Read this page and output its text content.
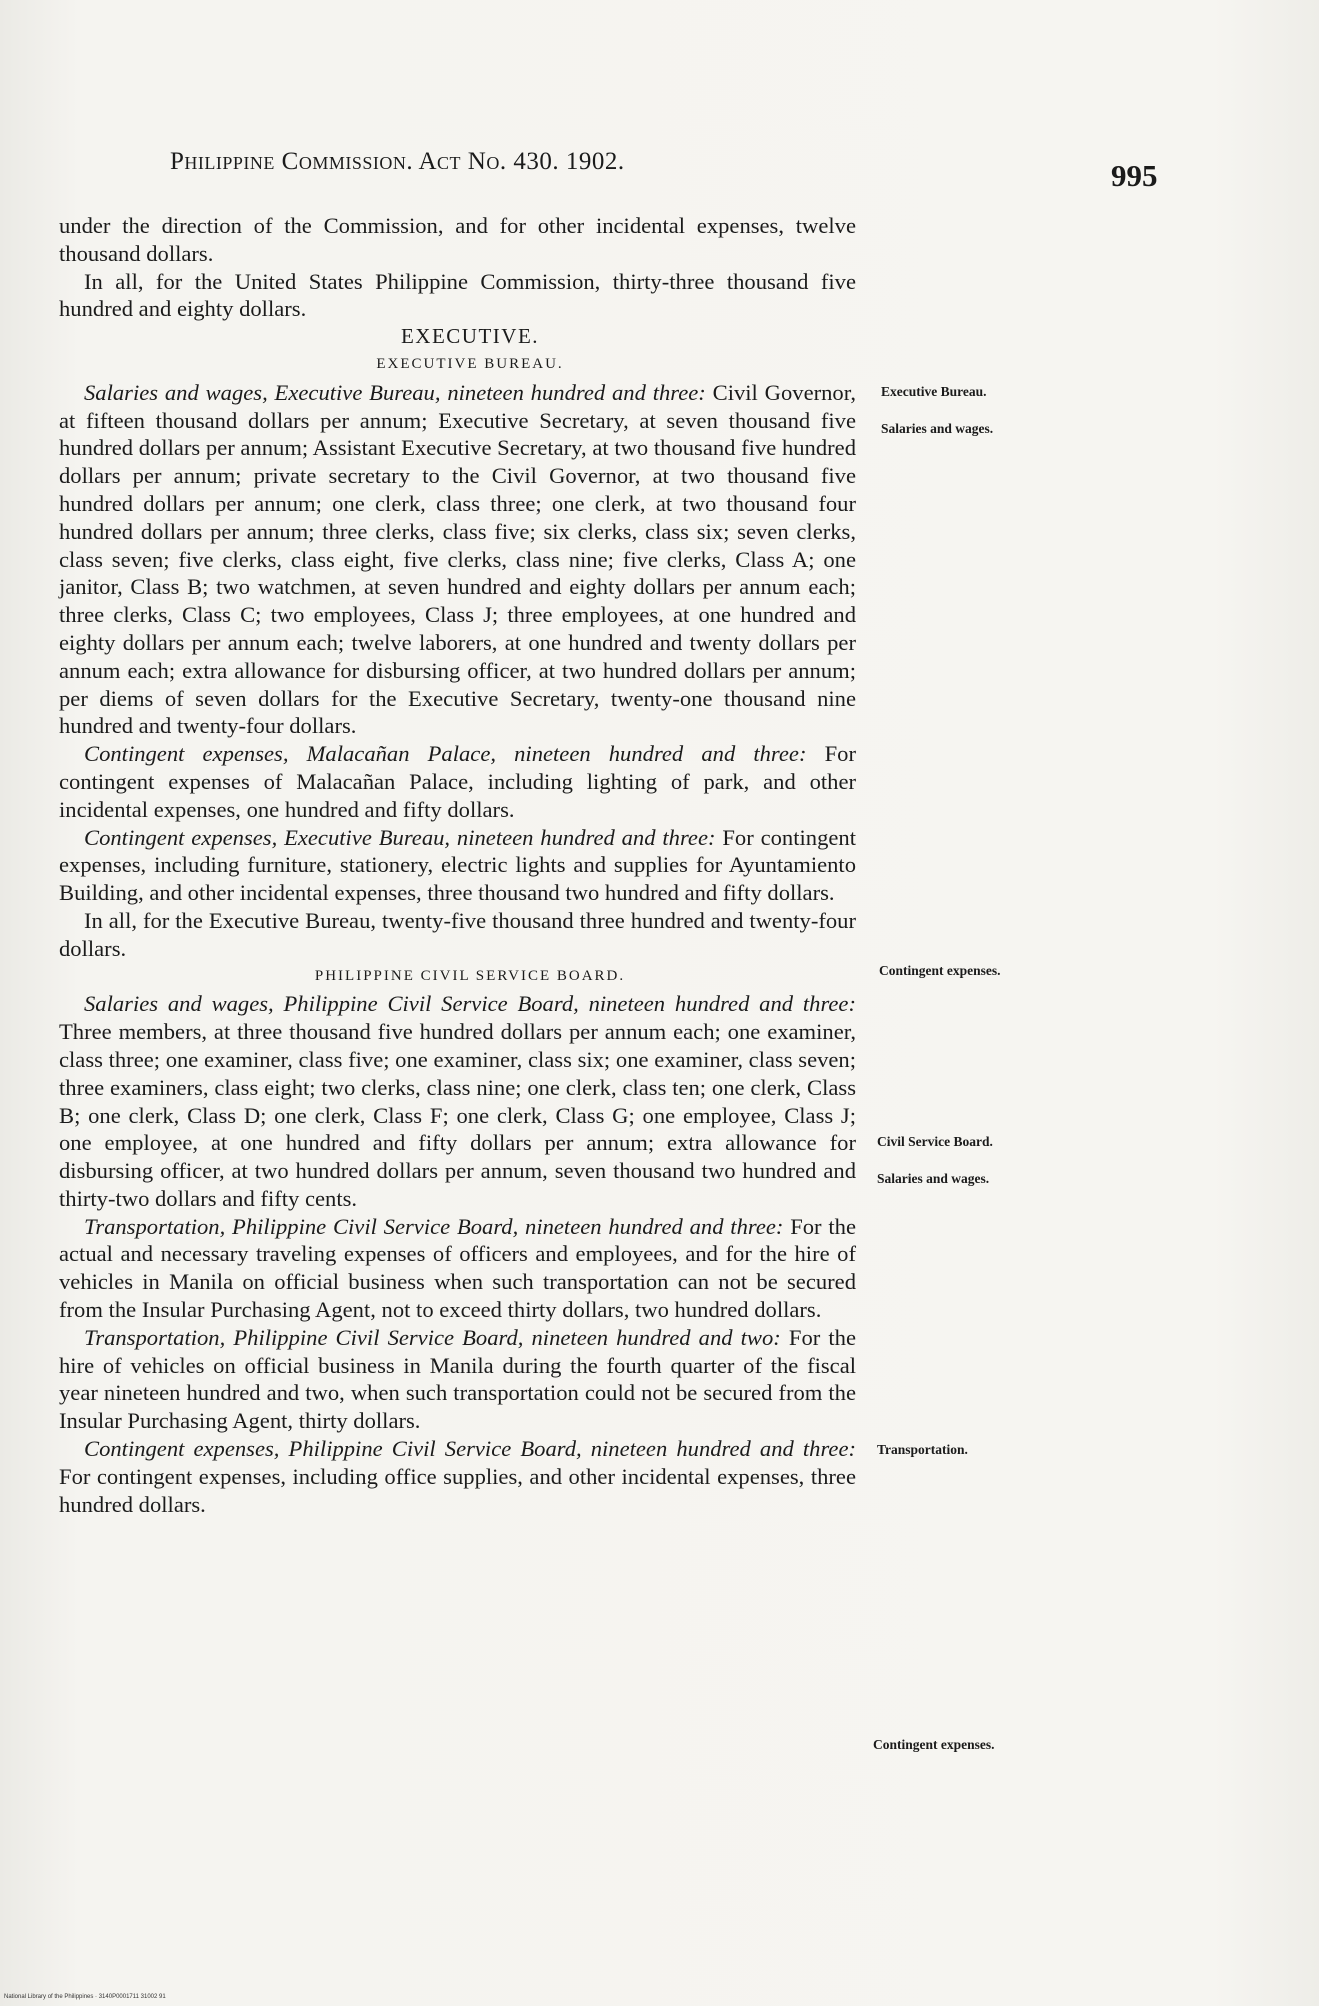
Philippine Commission. Act No. 430. 1902.	995

under the direction of the Commission, and for other incidental expenses, twelve thousand dollars.

In all, for the United States Philippine Commission, thirty-three thousand five hundred and eighty dollars.

EXECUTIVE.

EXECUTIVE BUREAU.

Salaries and wages, Executive Bureau, nineteen hundred and three: Civil Governor, at fifteen thousand dollars per annum; Executive Secretary, at seven thousand five hundred dollars per annum; Assistant Executive Secretary, at two thousand five hundred dollars per annum; private secretary to the Civil Governor, at two thousand five hundred dollars per annum; one clerk, class three; one clerk, at two thousand four hundred dollars per annum; three clerks, class five; six clerks, class six; seven clerks, class seven; five clerks, class eight, five clerks, class nine; five clerks, Class A; one janitor, Class B; two watchmen, at seven hundred and eighty dollars per annum each; three clerks, Class C; two employees, Class J; three employees, at one hundred and eighty dollars per annum each; twelve laborers, at one hundred and twenty dollars per annum each; extra allowance for disbursing officer, at two hundred dollars per annum; per diems of seven dollars for the Executive Secretary, twenty-one thousand nine hundred and twenty-four dollars.

Contingent expenses, Malacañan Palace, nineteen hundred and three: For contingent expenses of Malacañan Palace, including lighting of park, and other incidental expenses, one hundred and fifty dollars.

Contingent expenses, Executive Bureau, nineteen hundred and three: For contingent expenses, including furniture, stationery, electric lights and supplies for Ayuntamiento Building, and other incidental expenses, three thousand two hundred and fifty dollars.

In all, for the Executive Bureau, twenty-five thousand three hundred and twenty-four dollars.

PHILIPPINE CIVIL SERVICE BOARD.

Salaries and wages, Philippine Civil Service Board, nineteen hundred and three: Three members, at three thousand five hundred dollars per annum each; one examiner, class three; one examiner, class five; one examiner, class six; one examiner, class seven; three examiners, class eight; two clerks, class nine; one clerk, class ten; one clerk, Class B; one clerk, Class D; one clerk, Class F; one clerk, Class G; one employee, Class J; one employee, at one hundred and fifty dollars per annum; extra allowance for disbursing officer, at two hundred dollars per annum, seven thousand two hundred and thirty-two dollars and fifty cents.

Transportation, Philippine Civil Service Board, nineteen hundred and three: For the actual and necessary traveling expenses of officers and employees, and for the hire of vehicles in Manila on official business when such transportation can not be secured from the Insular Purchasing Agent, not to exceed thirty dollars, two hundred dollars.

Transportation, Philippine Civil Service Board, nineteen hundred and two: For the hire of vehicles on official business in Manila during the fourth quarter of the fiscal year nineteen hundred and two, when such transportation could not be secured from the Insular Purchasing Agent, thirty dollars.

Contingent expenses, Philippine Civil Service Board, nineteen hundred and three: For contingent expenses, including office supplies, and other incidental expenses, three hundred dollars.

Executive Bureau.
Salaries and wages.
Contingent expenses.
Civil Service Board.
Salaries and wages.
Transportation.
Contingent expenses.
National Library of the Philippines · 3140P0001711 31002 91
